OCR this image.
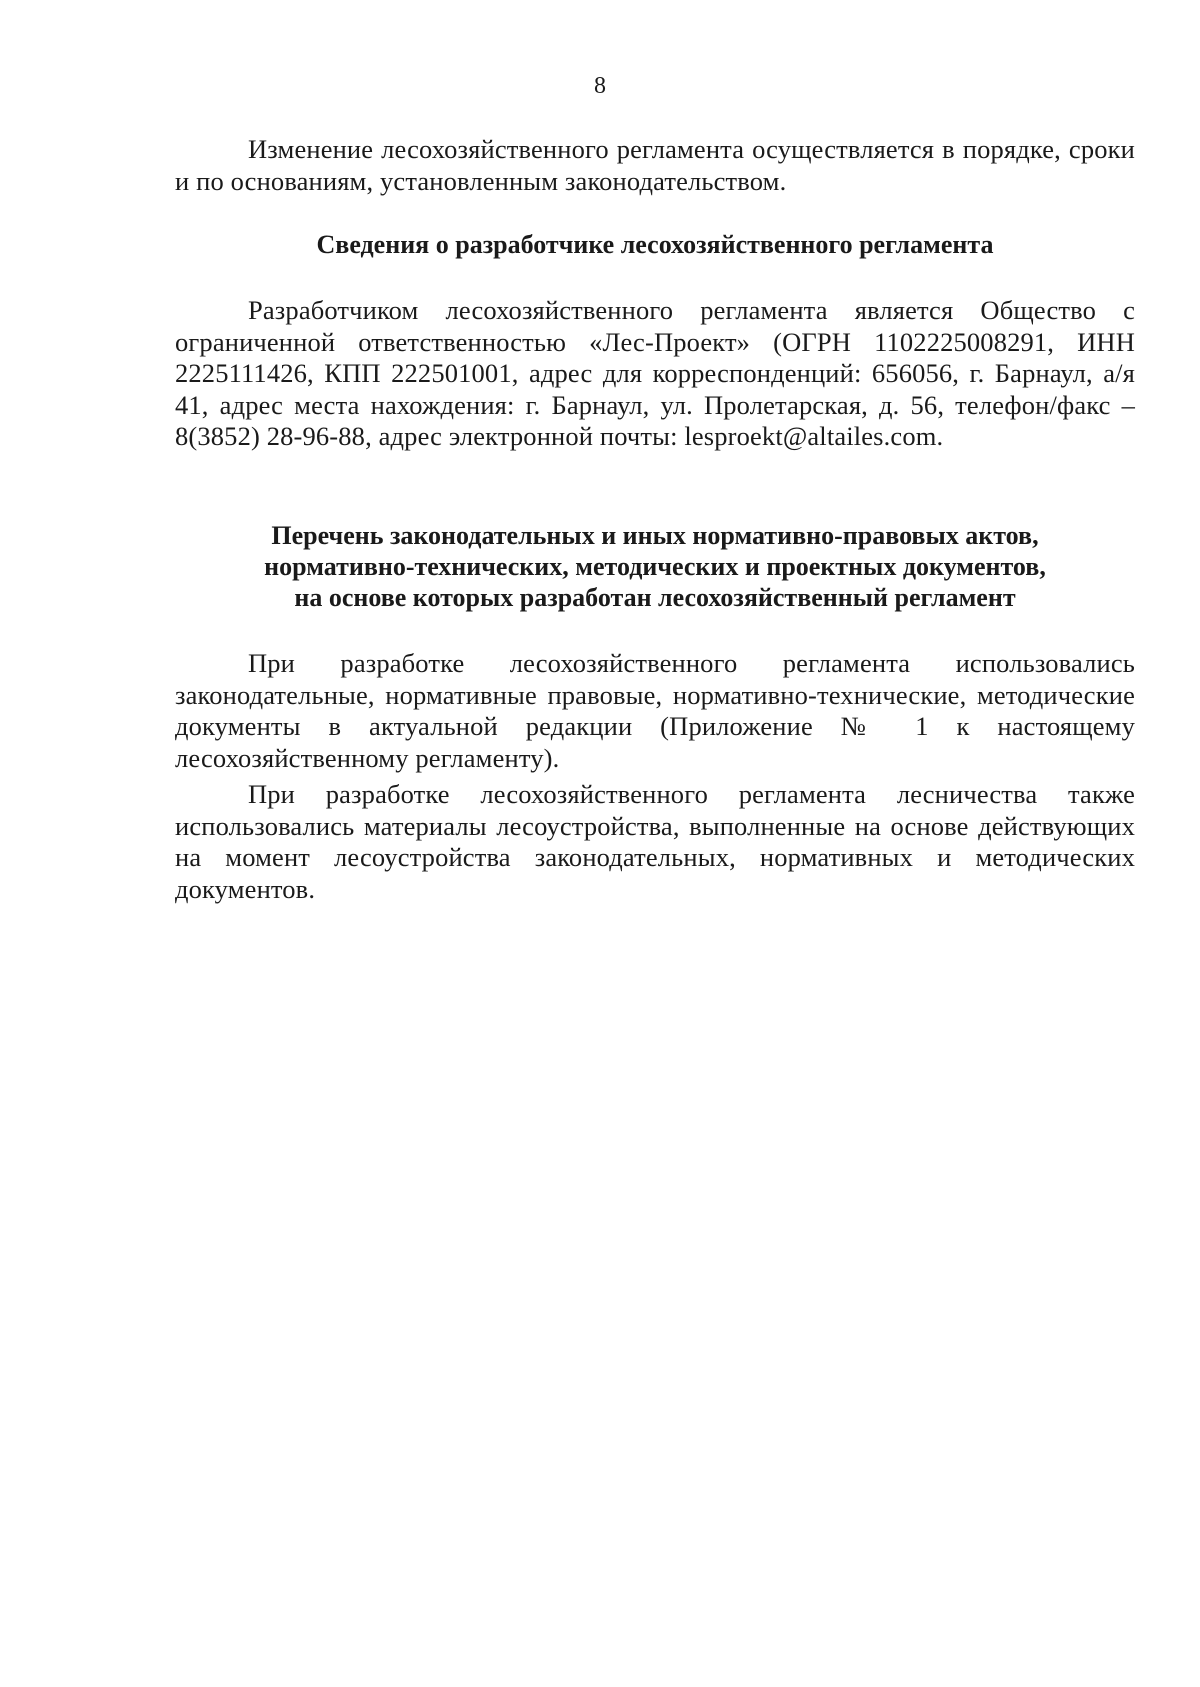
8

Изменение лесохозяйственного регламента осуществляется в порядке, сроки и по основаниям, установленным законодательством.

Сведения о разработчике лесохозяйственного регламента

Разработчиком лесохозяйственного регламента является Общество с ограниченной ответственностью «Лес-Проект» (ОГРН 1102225008291, ИНН 2225111426, КПП 222501001, адрес для корреспонденций: 656056, г. Барнаул, а/я 41, адрес места нахождения: г. Барнаул, ул. Пролетарская, д. 56, телефон/факс – 8(3852) 28-96-88, адрес электронной почты: lesproekt@altailes.com.

Перечень законодательных и иных нормативно-правовых актов,
нормативно-технических, методических и проектных документов,
на основе которых разработан лесохозяйственный регламент

При разработке лесохозяйственного регламента использовались законодательные, нормативные правовые, нормативно-технические, методические документы в актуальной редакции (Приложение № 1 к настоящему лесохозяйственному регламенту).

При разработке лесохозяйственного регламента лесничества также использовались материалы лесоустройства, выполненные на основе действующих на момент лесоустройства законодательных, нормативных и методических документов.
